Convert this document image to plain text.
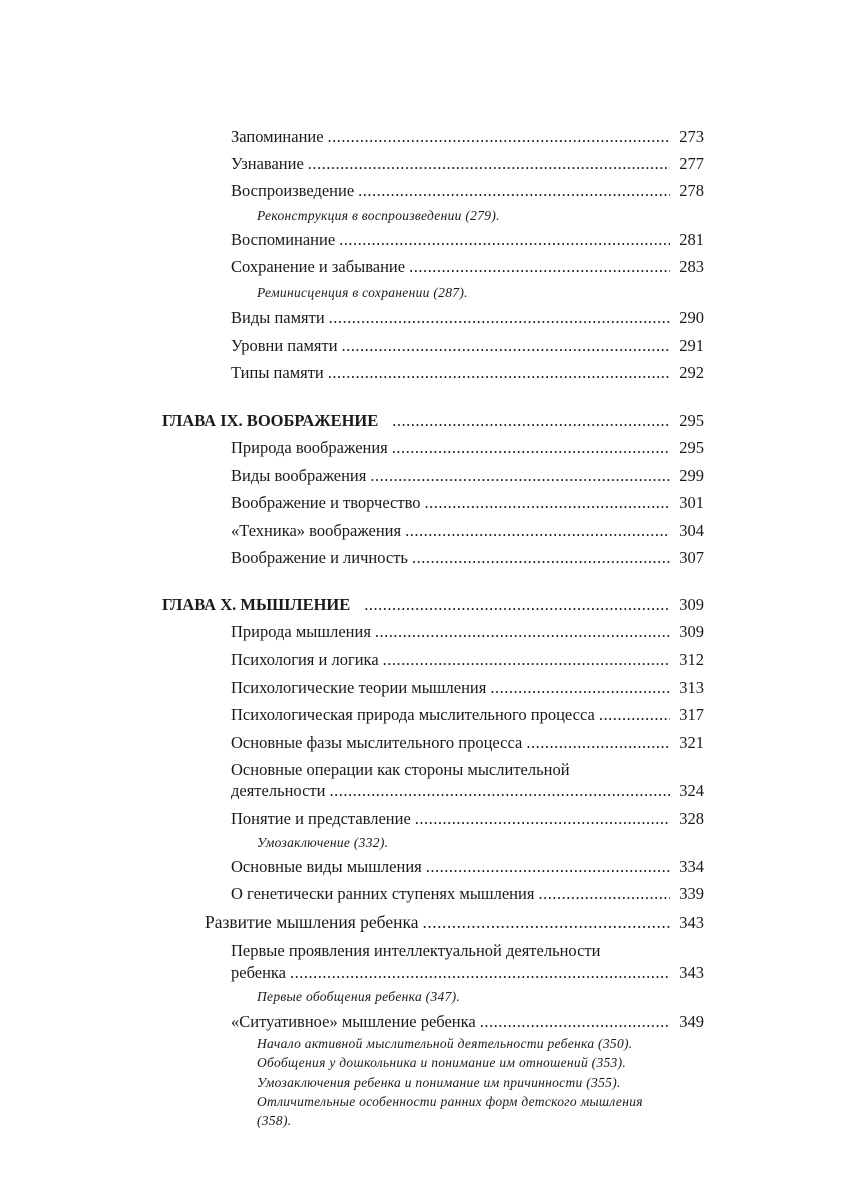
Запоминание .....	273
Узнавание .....	277
Воспроизведение .....	278
Реконструкция в воспроизведении (279).
Воспоминание .....	281
Сохранение и забывание .....	283
Реминисценция в сохранении (287).
Виды памяти .....	290
Уровни памяти .....	291
Типы памяти .....	292
ГЛАВА IX. ВООБРАЖЕНИЕ .....	295
Природа воображения .....	295
Виды воображения .....	299
Воображение и творчество .....	301
«Техника» воображения .....	304
Воображение и личность .....	307
ГЛАВА X. МЫШЛЕНИЕ .....	309
Природа мышления .....	309
Психология и логика .....	312
Психологические теории мышления .....	313
Психологическая природа мыслительного процесса .....	317
Основные фазы мыслительного процесса .....	321
Основные операции как стороны мыслительной
деятельности .....	324
Понятие и представление .....	328
Умозаключение (332).
Основные виды мышления .....	334
О генетически ранних ступенях мышления .....	339
Развитие мышления ребенка .....	343
Первые проявления интеллектуальной деятельности
ребенка .....	343
Первые обобщения ребенка (347).
«Ситуативное» мышление ребенка .....	349
Начало активной мыслительной деятельности ребенка (350).
Обобщения у дошкольника и понимание им отношений (353).
Умозаключения ребенка и понимание им причинности (355).
Отличительные особенности ранних форм детского мышления
(358).
